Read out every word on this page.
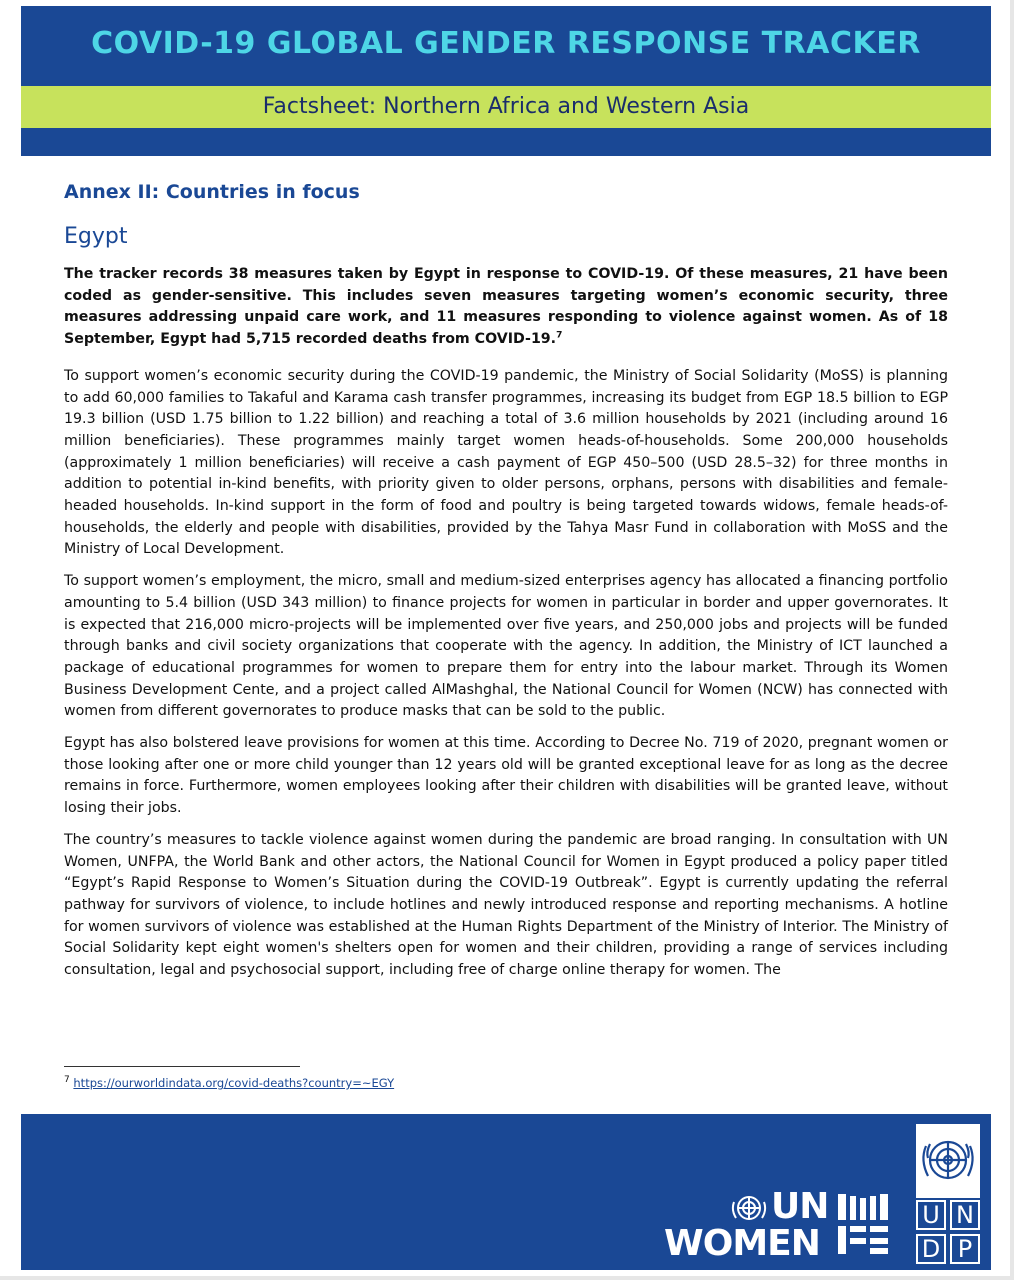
COVID-19 GLOBAL GENDER RESPONSE TRACKER
Factsheet: Northern Africa and Western Asia
Annex II: Countries in focus
Egypt

The tracker records 38 measures taken by Egypt in response to COVID-19. Of these measures, 21 have been coded as gender-sensitive. This includes seven measures targeting women’s economic security, three measures addressing unpaid care work, and 11 measures responding to violence against women. As of 18 September, Egypt had 5,715 recorded deaths from COVID-19.$^7$

To support women’s economic security during the COVID-19 pandemic, the Ministry of Social Solidarity (MoSS) is planning to add 60,000 families to Takaful and Karama cash transfer programmes, increasing its budget from EGP 18.5 billion to EGP 19.3 billion (USD 1.75 billion to 1.22 billion) and reaching a total of 3.6 million households by 2021 (including around 16 million beneficiaries). These programmes mainly target women heads-of-households. Some 200,000 households (approximately 1 million beneficiaries) will receive a cash payment of EGP 450–500 (USD 28.5–32) for three months in addition to potential in-kind benefits, with priority given to older persons, orphans, persons with disabilities and female-headed households. In-kind support in the form of food and poultry is being targeted towards widows, female heads-of-households, the elderly and people with disabilities, provided by the Tahya Masr Fund in collaboration with MoSS and the Ministry of Local Development.

To support women’s employment, the micro, small and medium-sized enterprises agency has allocated a financing portfolio amounting to 5.4 billion (USD 343 million) to finance projects for women in particular in border and upper governorates. It is expected that 216,000 micro-projects will be implemented over five years, and 250,000 jobs and projects will be funded through banks and civil society organizations that cooperate with the agency. In addition, the Ministry of ICT launched a package of educational programmes for women to prepare them for entry into the labour market. Through its Women Business Development Cente, and a project called AlMashghal, the National Council for Women (NCW) has connected with women from different governorates to produce masks that can be sold to the public.

Egypt has also bolstered leave provisions for women at this time. According to Decree No. 719 of 2020, pregnant women or those looking after one or more child younger than 12 years old will be granted exceptional leave for as long as the decree remains in force. Furthermore, women employees looking after their children with disabilities will be granted leave, without losing their jobs.

The country’s measures to tackle violence against women during the pandemic are broad ranging. In consultation with UN Women, UNFPA, the World Bank and other actors, the National Council for Women in Egypt produced a policy paper titled “Egypt’s Rapid Response to Women’s Situation during the COVID-19 Outbreak”. Egypt is currently updating the referral pathway for survivors of violence, to include hotlines and newly introduced response and reporting mechanisms. A hotline for women survivors of violence was established at the Human Rights Department of the Ministry of Interior. The Ministry of Social Solidarity kept eight women's shelters open for women and their children, providing a range of services including consultation, legal and psychosocial support, including free of charge online therapy for women. The

$^7$ https://ourworldindata.org/covid-deaths?country=~EGY
UN
WOMEN
U N
D P
